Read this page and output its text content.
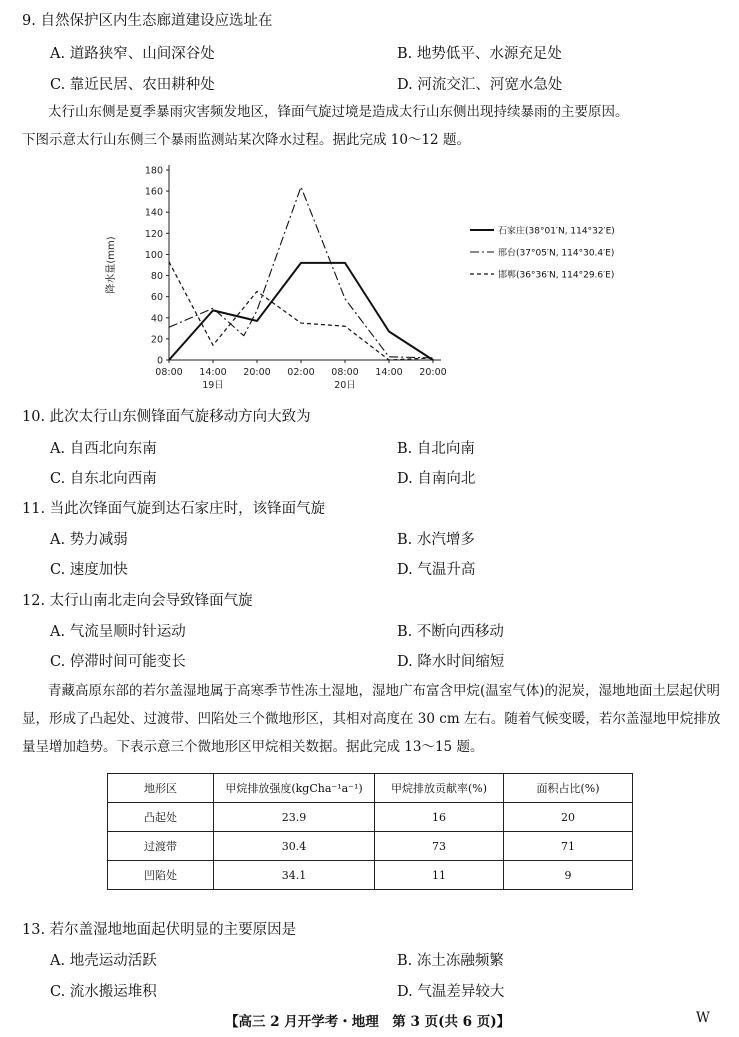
9. 自然保护区内生态廊道建设应选址在
A. 道路狭窄、山间深谷处	B. 地势低平、水源充足处
C. 靠近民居、农田耕种处	D. 河流交汇、河宽水急处
太行山东侧是夏季暴雨灾害频发地区，锋面气旋过境是造成太行山东侧出现持续暴雨的主要原因。
下图示意太行山东侧三个暴雨监测站某次降水过程。据此完成 10～12 题。
0
20
40
60
80
100
120
140
160
180
08:00 14:00 20:00 02:00 08:00 14:00 20:00
19日	20日
降水量(mm)
石家庄(38°01′N, 114°32′E)
邢台(37°05′N, 114°30.4′E)
邯郸(36°36′N, 114°29.6′E)
10. 此次太行山东侧锋面气旋移动方向大致为
A. 自西北向东南	B. 自北向南
C. 自东北向西南	D. 自南向北
11. 当此次锋面气旋到达石家庄时，该锋面气旋
A. 势力减弱	B. 水汽增多
C. 速度加快	D. 气温升高
12. 太行山南北走向会导致锋面气旋
A. 气流呈顺时针运动	B. 不断向西移动
C. 停滞时间可能变长	D. 降水时间缩短
青藏高原东部的若尔盖湿地属于高寒季节性冻土湿地，湿地广布富含甲烷(温室气体)的泥炭，湿地地面土层起伏明显，形成了凸起处、过渡带、凹陷处三个微地形区，其相对高度在 30 cm 左右。随着气候变暖，若尔盖湿地甲烷排放量呈增加趋势。下表示意三个微地形区甲烷相关数据。据此完成 13～15 题。
地形区	甲烷排放强度(kgCha⁻¹a⁻¹)	甲烷排放贡献率(%)	面积占比(%)
凸起处	23.9	16	20
过渡带	30.4	73	71
凹陷处	34.1	11	9
13. 若尔盖湿地地面起伏明显的主要原因是
A. 地壳运动活跃	B. 冻土冻融频繁
C. 流水搬运堆积	D. 气温差异较大
【高三 2 月开学考・地理　第 3 页(共 6 页)】	W
